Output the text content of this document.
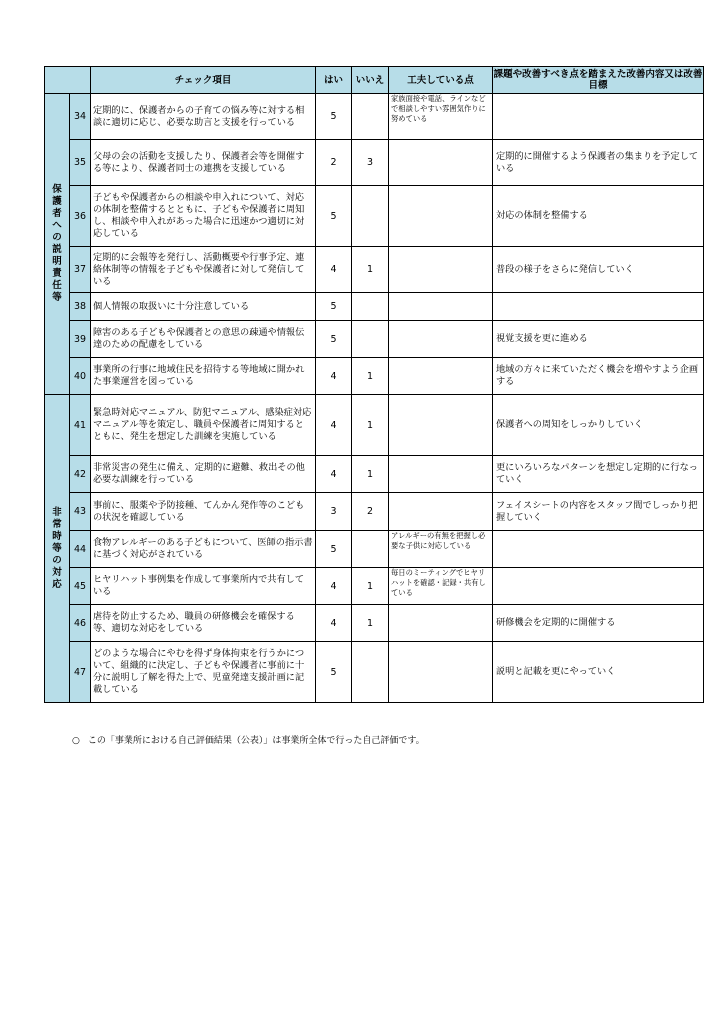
		チェック項目	はい	いいえ	工夫している点	課題や改善すべき点を踏まえた改善内容又は改善目標
保護者への説明責任等	34	定期的に、保護者からの子育ての悩み等に対する相談に適切に応じ、必要な助言と支援を行っている	5		家族面接や電話、ラインなどで相談しやすい雰囲気作りに努めている	
	35	父母の会の活動を支援したり、保護者会等を開催する等により、保護者同士の連携を支援している	2	3		定期的に開催するよう保護者の集まりを予定している
	36	子どもや保護者からの相談や申入れについて、対応の体制を整備するとともに、子どもや保護者に周知し、相談や申入れがあった場合に迅速かつ適切に対応している	5			対応の体制を整備する
	37	定期的に会報等を発行し、活動概要や行事予定、連絡体制等の情報を子どもや保護者に対して発信している	4	1		普段の様子をさらに発信していく
	38	個人情報の取扱いに十分注意している	5			
	39	障害のある子どもや保護者との意思の疎通や情報伝達のための配慮をしている	5			視覚支援を更に進める
	40	事業所の行事に地域住民を招待する等地域に開かれた事業運営を図っている	4	1		地域の方々に来ていただく機会を増やすよう企画する
非常時等の対応	41	緊急時対応マニュアル、防犯マニュアル、感染症対応マニュアル等を策定し、職員や保護者に周知するとともに、発生を想定した訓練を実施している	4	1		保護者への周知をしっかりしていく
	42	非常災害の発生に備え、定期的に避難、救出その他必要な訓練を行っている	4	1		更にいろいろなパターンを想定し定期的に行なっていく
	43	事前に、服薬や予防接種、てんかん発作等のこどもの状況を確認している	3	2		フェイスシートの内容をスタッフ間でしっかり把握していく
	44	食物アレルギーのある子どもについて、医師の指示書に基づく対応がされている	5		アレルギーの有無を把握し必要な子供に対応している	
	45	ヒヤリハット事例集を作成して事業所内で共有している	4	1	毎日のミーティングでヒヤリハットを確認・記録・共有している	
	46	虐待を防止するため、職員の研修機会を確保する等、適切な対応をしている	4	1		研修機会を定期的に開催する
	47	どのような場合にやむを得ず身体拘束を行うかについて、組織的に決定し、子どもや保護者に事前に十分に説明し了解を得た上で、児童発達支援計画に記載している	5			説明と記載を更にやっていく
○ この「事業所における自己評価結果（公表）」は事業所全体で行った自己評価です。
